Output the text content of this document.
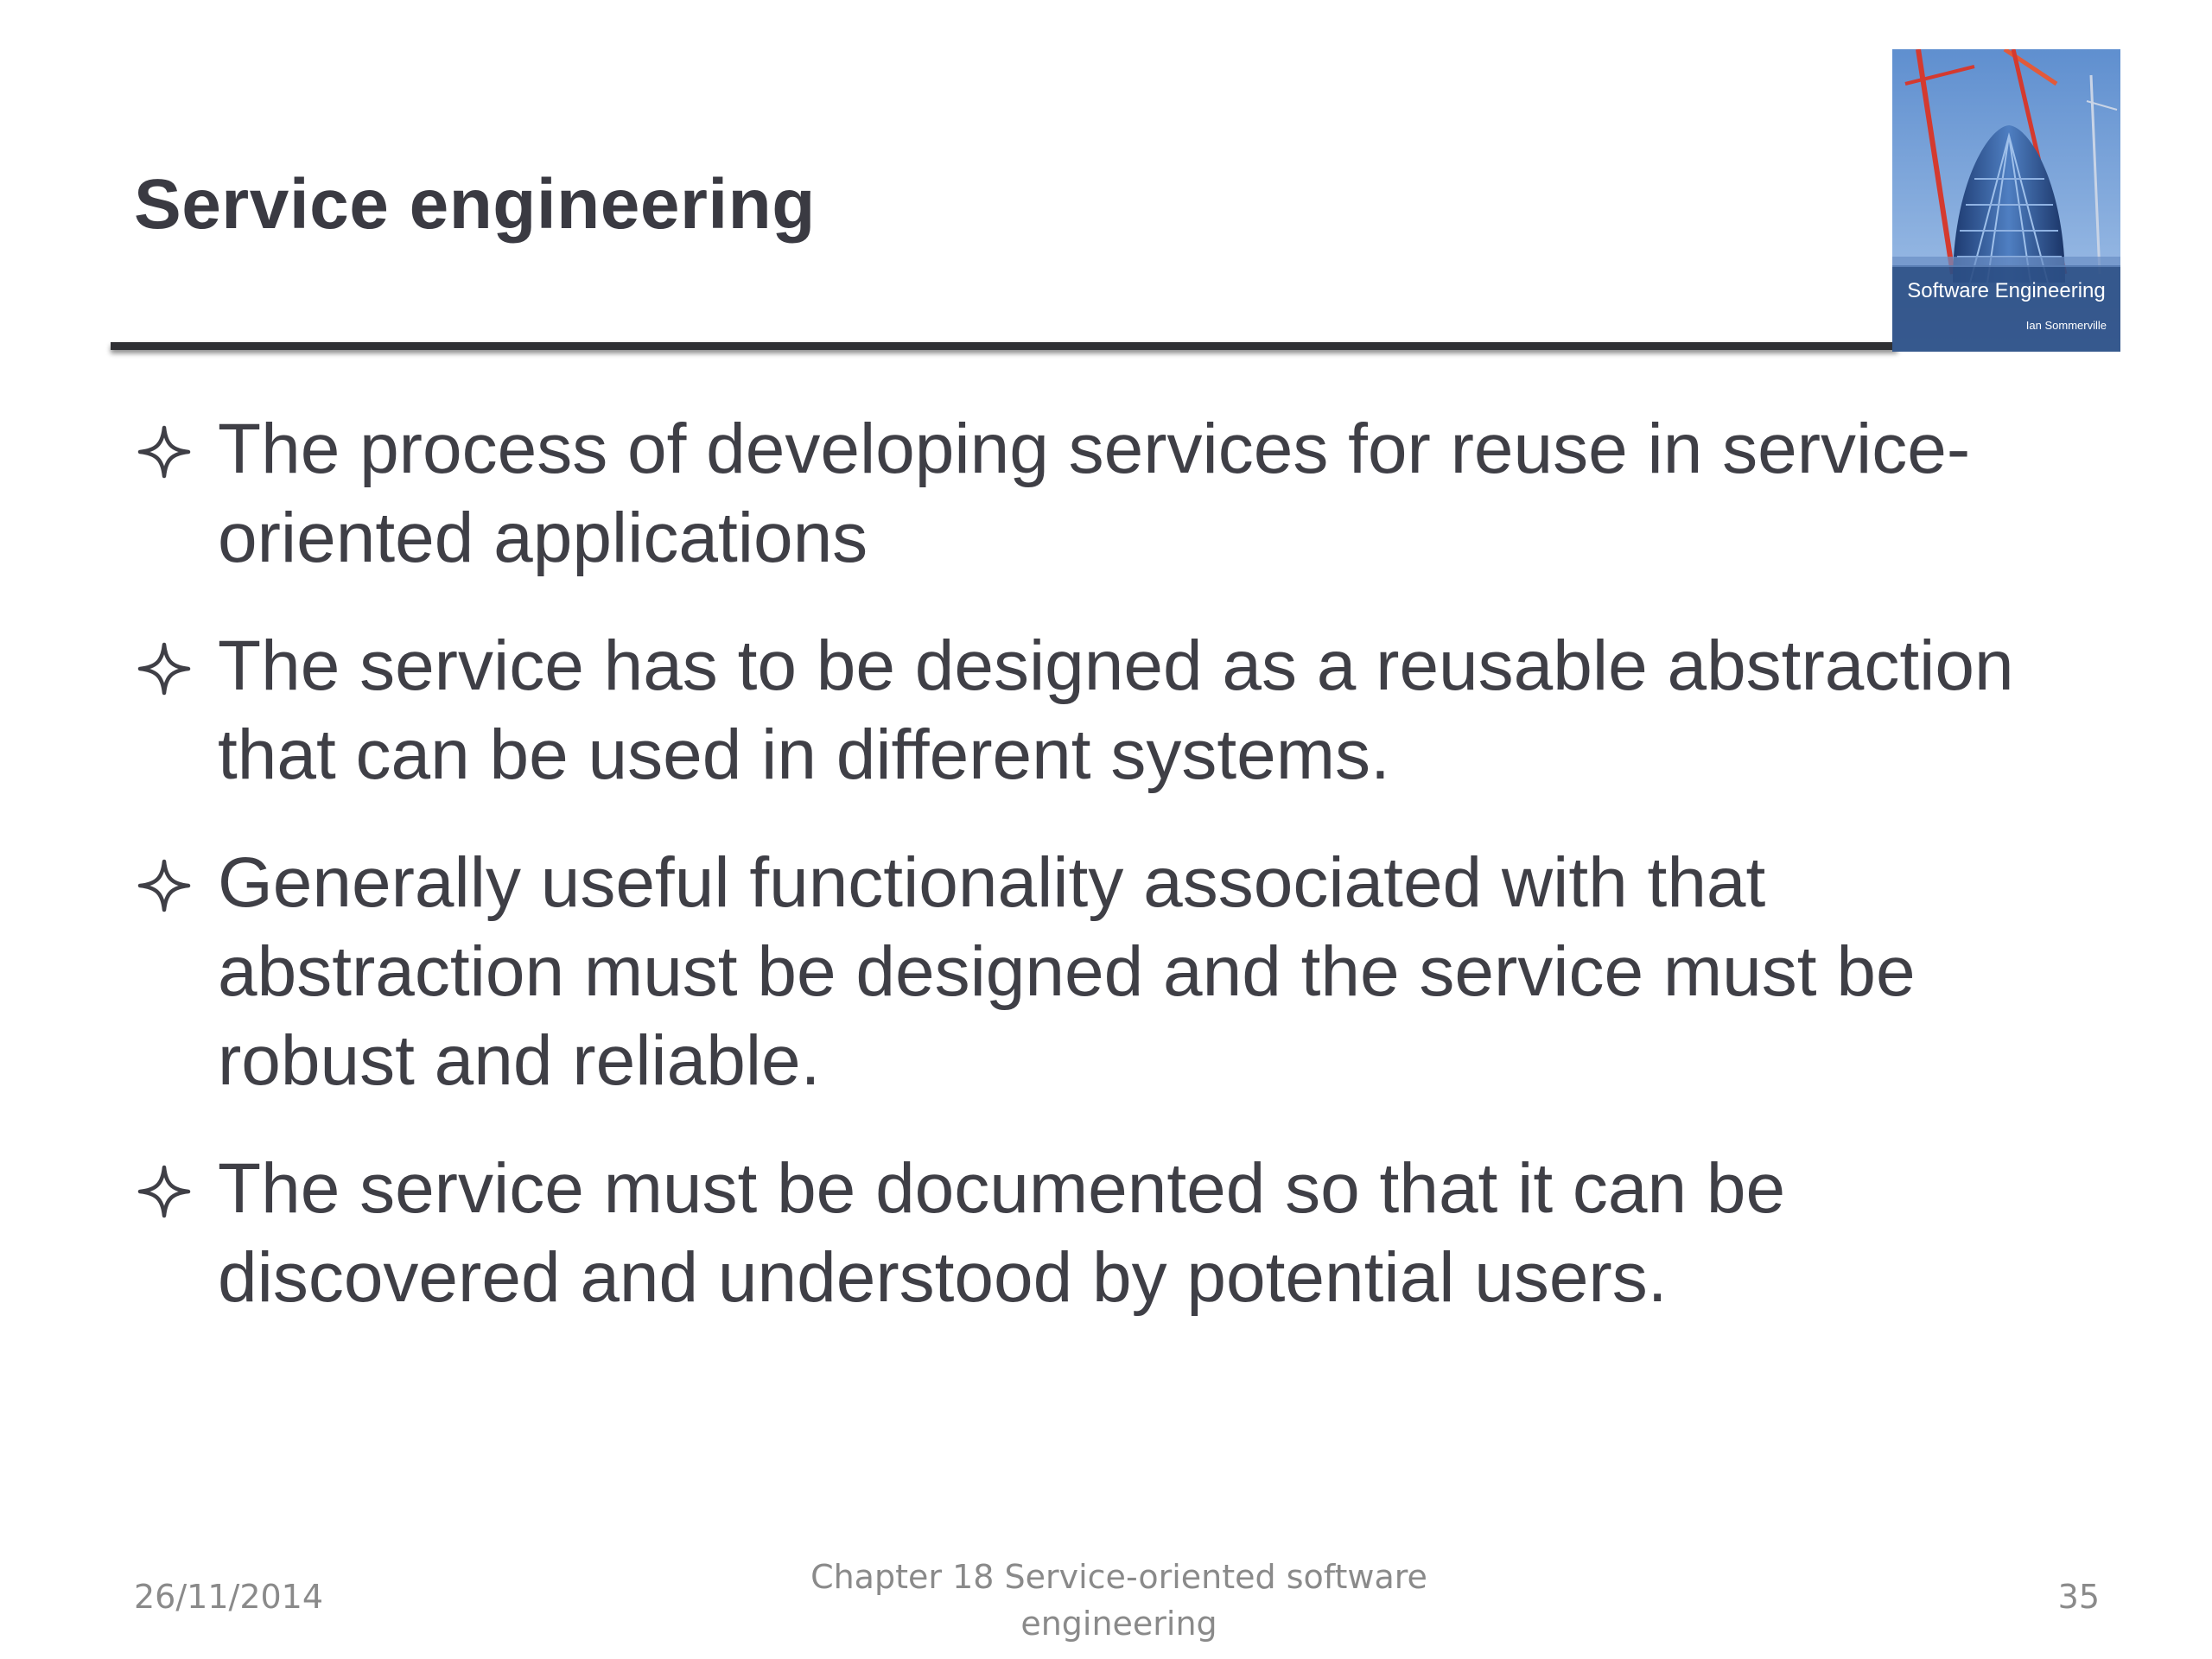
Service engineering
Software Engineering
Ian Sommerville
The process of developing services for reuse in service-oriented applications
The service has to be designed as a reusable abstraction that can be used in different systems.
Generally useful functionality associated with that abstraction must be designed and the service must be robust and reliable.
The service must be documented so that it can be discovered and understood by potential users.
26/11/2014
Chapter 18 Service-oriented software engineering
35
